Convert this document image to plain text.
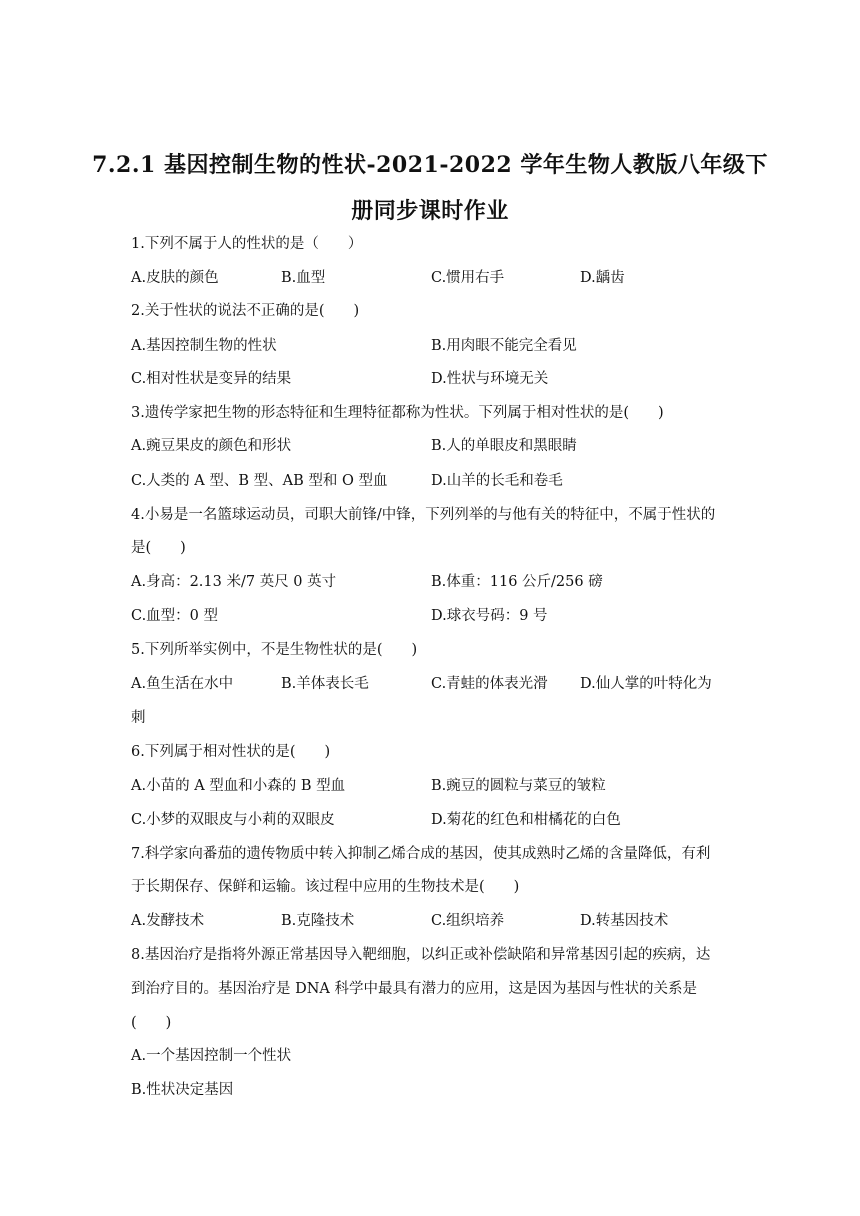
7.2.1 基因控制生物的性状-2021-2022 学年生物人教版八年级下
册同步课时作业
1.下列不属于人的性状的是（　　）
A.皮肤的颜色	B.血型	C.惯用右手	D.龋齿
2.关于性状的说法不正确的是(　　)
A.基因控制生物的性状	B.用肉眼不能完全看见
C.相对性状是变异的结果	D.性状与环境无关
3.遗传学家把生物的形态特征和生理特征都称为性状。下列属于相对性状的是(　　)
A.豌豆果皮的颜色和形状	B.人的单眼皮和黑眼睛
C.人类的 A 型、B 型、AB 型和 O 型血	D.山羊的长毛和卷毛
4.小易是一名篮球运动员，司职大前锋/中锋，下列列举的与他有关的特征中，不属于性状的
是(　　)
A.身高：2.13 米/7 英尺 0 英寸	B.体重：116 公斤/256 磅
C.血型：0 型	D.球衣号码：9 号
5.下列所举实例中，不是生物性状的是(　　)
A.鱼生活在水中	B.羊体表长毛	C.青蛙的体表光滑 D.仙人掌的叶特化为
刺
6.下列属于相对性状的是(　　)
A.小苗的 A 型血和小森的 B 型血	B.豌豆的圆粒与菜豆的皱粒
C.小梦的双眼皮与小莉的双眼皮	D.菊花的红色和柑橘花的白色
7.科学家向番茄的遗传物质中转入抑制乙烯合成的基因，使其成熟时乙烯的含量降低，有利
于长期保存、保鲜和运输。该过程中应用的生物技术是(　　)
A.发酵技术	B.克隆技术	C.组织培养	D.转基因技术
8.基因治疗是指将外源正常基因导入靶细胞，以纠正或补偿缺陷和异常基因引起的疾病，达
到治疗目的。基因治疗是 DNA 科学中最具有潜力的应用，这是因为基因与性状的关系是
(　　)
A.一个基因控制一个性状
B.性状决定基因
